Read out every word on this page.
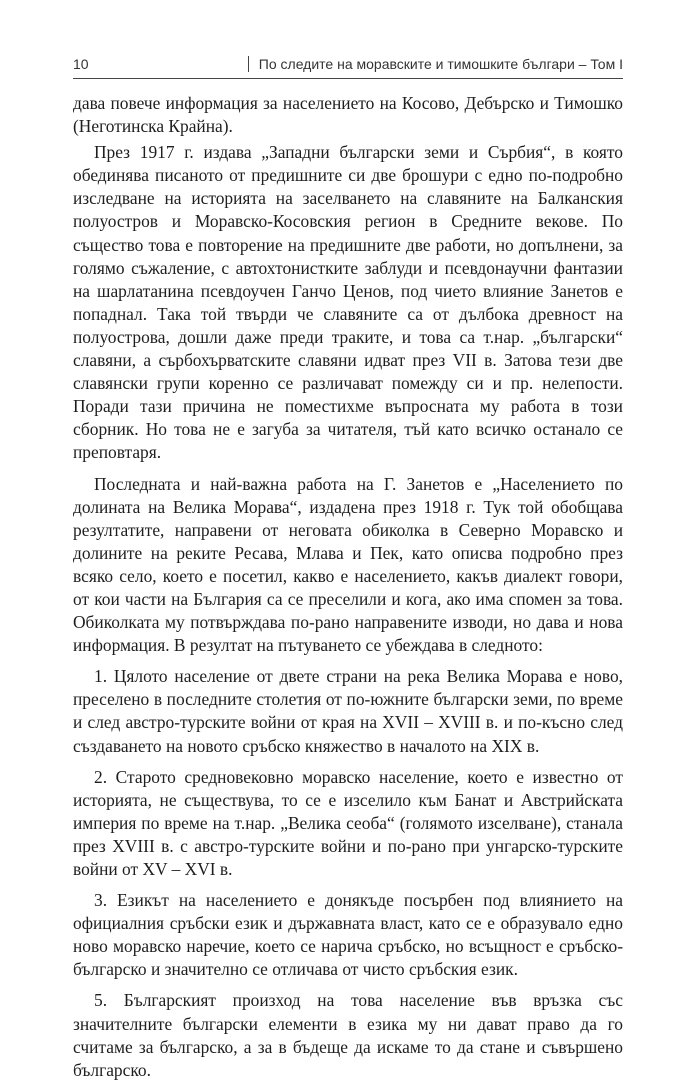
10	По следите на моравските и тимошките българи – Том I

дава повече информация за населението на Косово, Дебърско и Тимошко (Неготинска Крайна).

През 1917 г. издава „Западни български земи и Сърбия“, в която обединява писаното от предишните си две брошури с едно по-подробно изследване на историята на заселването на славяните на Балканския полуостров и Моравско-Косовския регион в Средните векове. По същество това е повторение на предишните две работи, но допълнени, за голямо съжаление, с автохтонистките заблуди и псевдонаучни фантазии на шарлатанина псевдоучен Ганчо Ценов, под чието влияние Занетов е попаднал. Така той твърди че славяните са от дълбока древност на полуострова, дошли даже преди траките, и това са т.нар. „български“ славяни, а сърбохърватските славяни идват през VII в. Затова тези две славянски групи коренно се различават помежду си и пр. нелепости. Поради тази причина не поместихме въпросната му работа в този сборник. Но това не е загуба за читателя, тъй като всичко останало се преповтаря.

Последната и най-важна работа на Г. Занетов е „Населението по долината на Велика Морава“, издадена през 1918 г. Тук той обобщава резултатите, направени от неговата обиколка в Северно Моравско и долините на реките Ресава, Млава и Пек, като описва подробно през всяко село, което е посетил, какво е населението, какъв диалект говори, от кои части на България са се преселили и кога, ако има спомен за това. Обиколката му потвърждава по-рано направените изводи, но дава и нова информация. В резултат на пътуването се убеждава в следното:

1. Цялото население от двете страни на река Велика Морава е ново, преселено в последните столетия от по-южните български земи, по време и след австро-турските войни от края на XVII – XVIII в. и по-късно след създаването на новото сръбско княжество в началото на XIX в.

2. Старото средновековно моравско население, което е известно от историята, не съществува, то се е изселило към Банат и Австрийската империя по време на т.нар. „Велика сеоба“ (голямото изселване), станала през XVIII в. с австро-турските войни и по-рано при унгарско-турските войни от XV – XVI в.

3. Езикът на населението е донякъде посърбен под влиянието на официалния сръбски език и държавната власт, като се е образувало едно ново моравско наречие, което се нарича сръбско, но всъщност е сръбско-българско и значително се отличава от чисто сръбския език.

5. Българският произход на това население във връзка със значителните български елементи в езика му ни дават право да го считаме за българско, а за в бъдеще да искаме то да стане и съвършено българско.
